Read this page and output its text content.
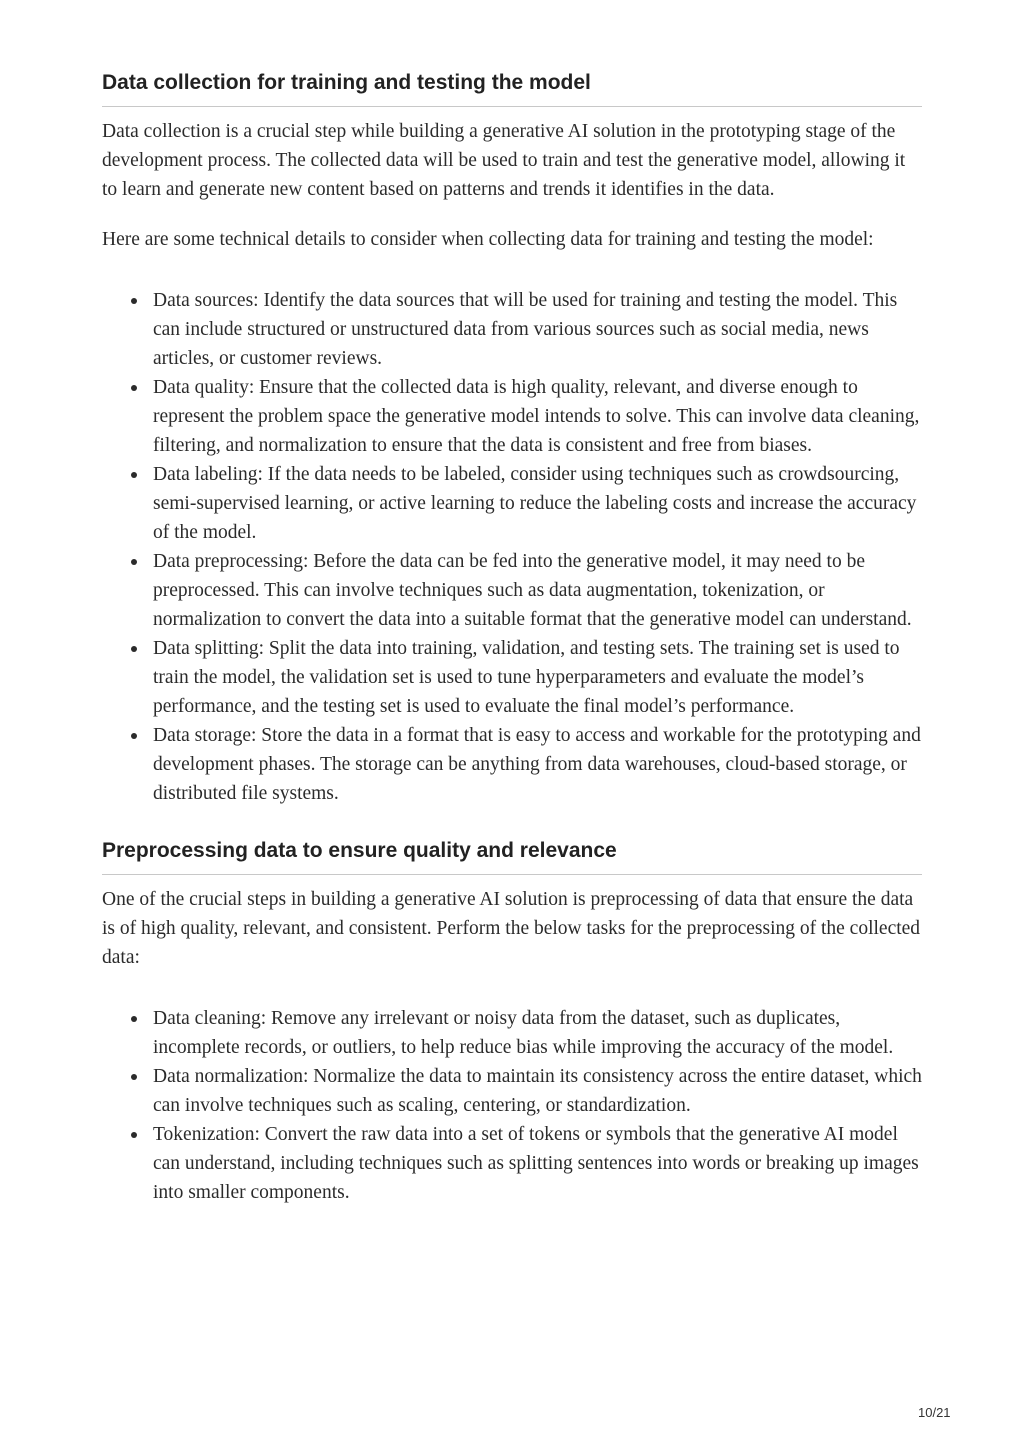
Data collection for training and testing the model

Data collection is a crucial step while building a generative AI solution in the prototyping stage of the development process. The collected data will be used to train and test the generative model, allowing it to learn and generate new content based on patterns and trends it identifies in the data.

Here are some technical details to consider when collecting data for training and testing the model:

Data sources: Identify the data sources that will be used for training and testing the model. This can include structured or unstructured data from various sources such as social media, news articles, or customer reviews.
Data quality: Ensure that the collected data is high quality, relevant, and diverse enough to represent the problem space the generative model intends to solve. This can involve data cleaning, filtering, and normalization to ensure that the data is consistent and free from biases.
Data labeling: If the data needs to be labeled, consider using techniques such as crowdsourcing, semi-supervised learning, or active learning to reduce the labeling costs and increase the accuracy of the model.
Data preprocessing: Before the data can be fed into the generative model, it may need to be preprocessed. This can involve techniques such as data augmentation, tokenization, or normalization to convert the data into a suitable format that the generative model can understand.
Data splitting: Split the data into training, validation, and testing sets. The training set is used to train the model, the validation set is used to tune hyperparameters and evaluate the model’s performance, and the testing set is used to evaluate the final model’s performance.
Data storage: Store the data in a format that is easy to access and workable for the prototyping and development phases. The storage can be anything from data warehouses, cloud-based storage, or distributed file systems.
Preprocessing data to ensure quality and relevance

One of the crucial steps in building a generative AI solution is preprocessing of data that ensure the data is of high quality, relevant, and consistent. Perform the below tasks for the preprocessing of the collected data:

Data cleaning: Remove any irrelevant or noisy data from the dataset, such as duplicates, incomplete records, or outliers, to help reduce bias while improving the accuracy of the model.
Data normalization: Normalize the data to maintain its consistency across the entire dataset, which can involve techniques such as scaling, centering, or standardization.
Tokenization: Convert the raw data into a set of tokens or symbols that the generative AI model can understand, including techniques such as splitting sentences into words or breaking up images into smaller components.
10/21
